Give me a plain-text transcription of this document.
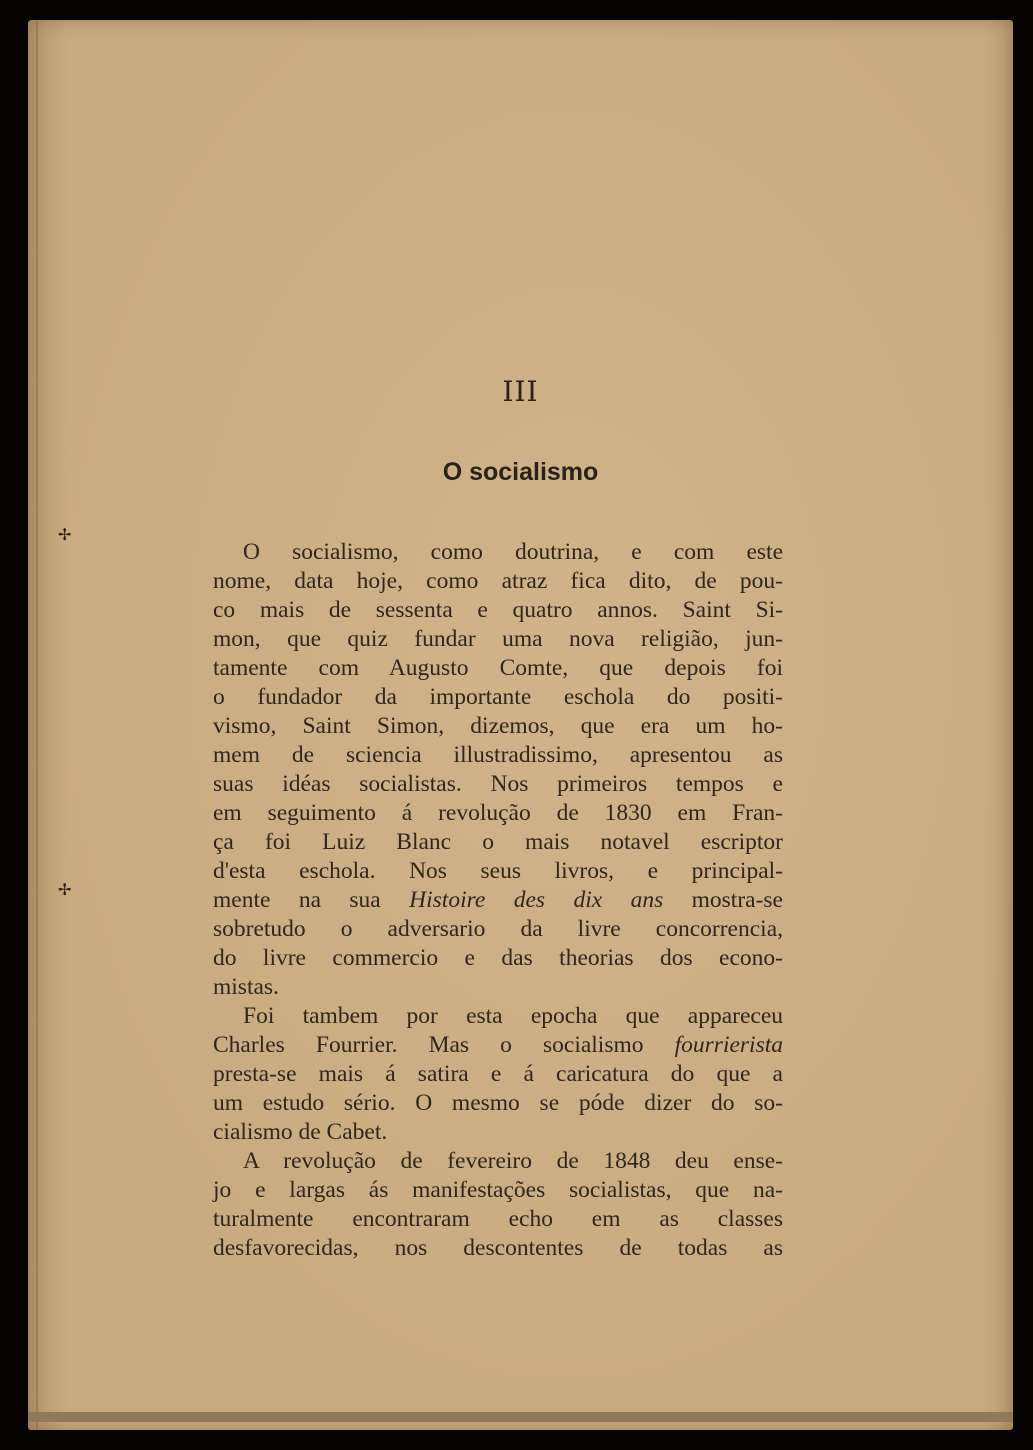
✢
✢
III
O socialismo
O socialismo, como doutrina, e com este
nome, data hoje, como atraz fica dito, de pou-
co mais de sessenta e quatro annos. Saint Si-
mon, que quiz fundar uma nova religião, jun-
tamente com Augusto Comte, que depois foi
o fundador da importante eschola do positi-
vismo, Saint Simon, dizemos, que era um ho-
mem de sciencia illustradissimo, apresentou as
suas idéas socialistas. Nos primeiros tempos e
em seguimento á revolução de 1830 em Fran-
ça foi Luiz Blanc o mais notavel escriptor
d'esta eschola. Nos seus livros, e principal-
mente na sua Histoire des dix ans mostra-se
sobretudo o adversario da livre concorrencia,
do livre commercio e das theorias dos econo-
mistas.
Foi tambem por esta epocha que appareceu
Charles Fourrier. Mas o socialismo fourrierista
presta-se mais á satira e á caricatura do que a
um estudo sério. O mesmo se póde dizer do so-
cialismo de Cabet.
A revolução de fevereiro de 1848 deu ense-
jo e largas ás manifestações socialistas, que na-
turalmente encontraram echo em as classes
desfavorecidas, nos descontentes de todas as
